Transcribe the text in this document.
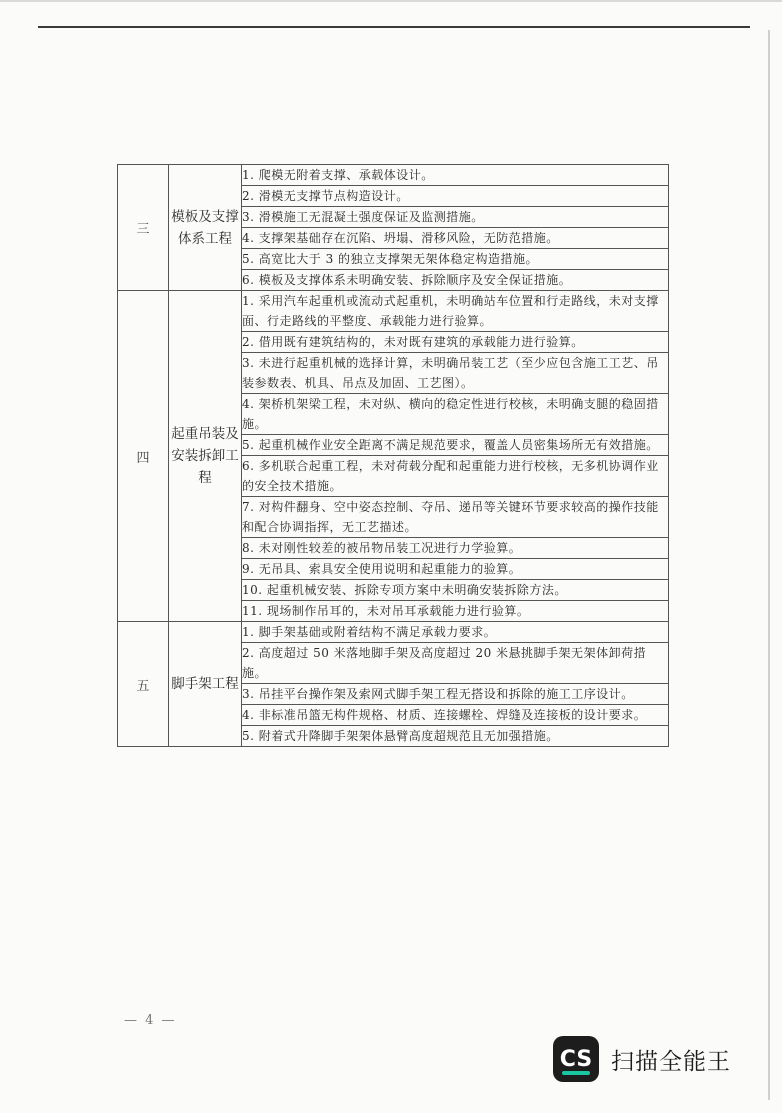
三	模板及支撑体系工程	1. 爬模无附着支撑、承载体设计。
		2. 滑模无支撑节点构造设计。
		3. 滑模施工无混凝土强度保证及监测措施。
		4. 支撑架基础存在沉陷、坍塌、滑移风险，无防范措施。
		5. 高宽比大于 3 的独立支撑架无架体稳定构造措施。
		6. 模板及支撑体系未明确安装、拆除顺序及安全保证措施。
四	起重吊装及安装拆卸工程	1. 采用汽车起重机或流动式起重机，未明确站车位置和行走路线，未对支撑面、行走路线的平整度、承载能力进行验算。
		2. 借用既有建筑结构的，未对既有建筑的承载能力进行验算。
		3. 未进行起重机械的选择计算，未明确吊装工艺（至少应包含施工工艺、吊装参数表、机具、吊点及加固、工艺图）。
		4. 架桥机架梁工程，未对纵、横向的稳定性进行校核，未明确支腿的稳固措施。
		5. 起重机械作业安全距离不满足规范要求，覆盖人员密集场所无有效措施。
		6. 多机联合起重工程，未对荷载分配和起重能力进行校核，无多机协调作业的安全技术措施。
		7. 对构件翻身、空中姿态控制、夺吊、递吊等关键环节要求较高的操作技能和配合协调指挥，无工艺描述。
		8. 未对刚性较差的被吊物吊装工况进行力学验算。
		9. 无吊具、索具安全使用说明和起重能力的验算。
		10. 起重机械安装、拆除专项方案中未明确安装拆除方法。
		11. 现场制作吊耳的，未对吊耳承载能力进行验算。
五	脚手架工程	1. 脚手架基础或附着结构不满足承载力要求。
		2. 高度超过 50 米落地脚手架及高度超过 20 米悬挑脚手架无架体卸荷措施。
		3. 吊挂平台操作架及索网式脚手架工程无搭设和拆除的施工工序设计。
		4. 非标准吊篮无构件规格、材质、连接螺栓、焊缝及连接板的设计要求。
		5. 附着式升降脚手架架体悬臂高度超规范且无加强措施。
— 4 —
CS 扫描全能王
